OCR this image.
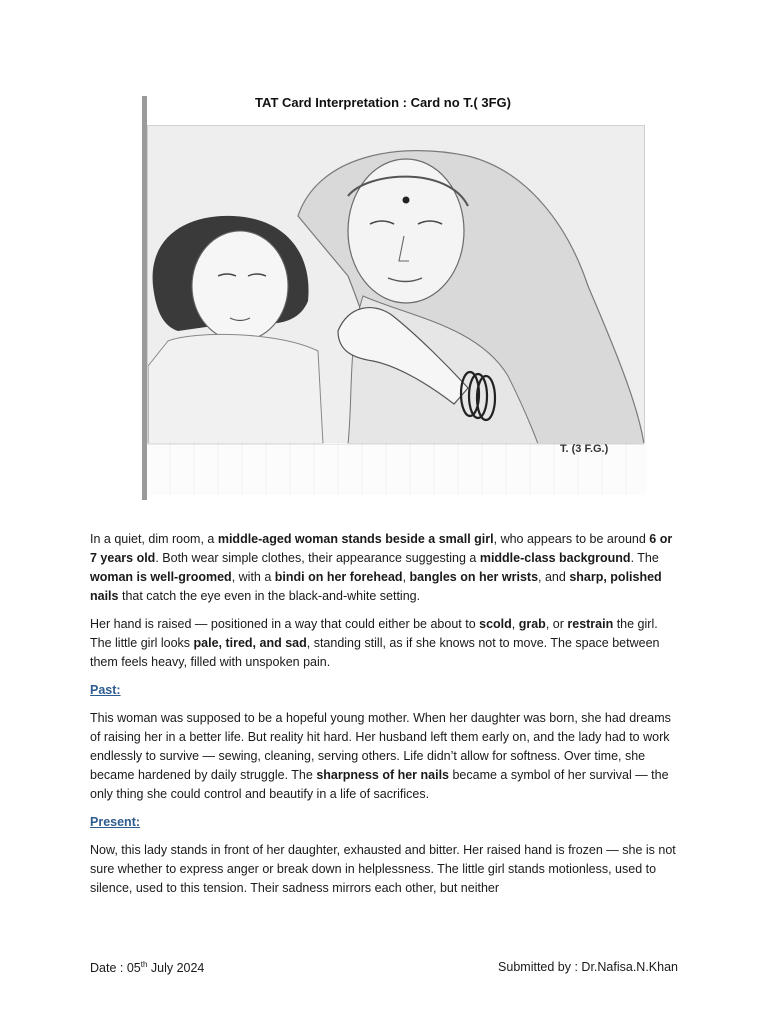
TAT Card Interpretation : Card no T.( 3FG)
T. (3 F.G.)

In a quiet, dim room, a middle-aged woman stands beside a small girl, who appears to be around 6 or 7 years old. Both wear simple clothes, their appearance suggesting a middle-class background. The woman is well-groomed, with a bindi on her forehead, bangles on her wrists, and sharp, polished nails that catch the eye even in the black-and-white setting.

Her hand is raised — positioned in a way that could either be about to scold, grab, or restrain the girl. The little girl looks pale, tired, and sad, standing still, as if she knows not to move. The space between them feels heavy, filled with unspoken pain.

Past:

This woman was supposed to be a hopeful young mother. When her daughter was born, she had dreams of raising her in a better life. But reality hit hard. Her husband left them early on, and the lady had to work endlessly to survive — sewing, cleaning, serving others. Life didn’t allow for softness. Over time, she became hardened by daily struggle. The sharpness of her nails became a symbol of her survival — the only thing she could control and beautify in a life of sacrifices.

Present:

Now, this lady stands in front of her daughter, exhausted and bitter. Her raised hand is frozen — she is not sure whether to express anger or break down in helplessness. The little girl stands motionless, used to silence, used to this tension. Their sadness mirrors each other, but neither

Date : 05th July 2024	Submitted by : Dr.Nafisa.N.Khan
